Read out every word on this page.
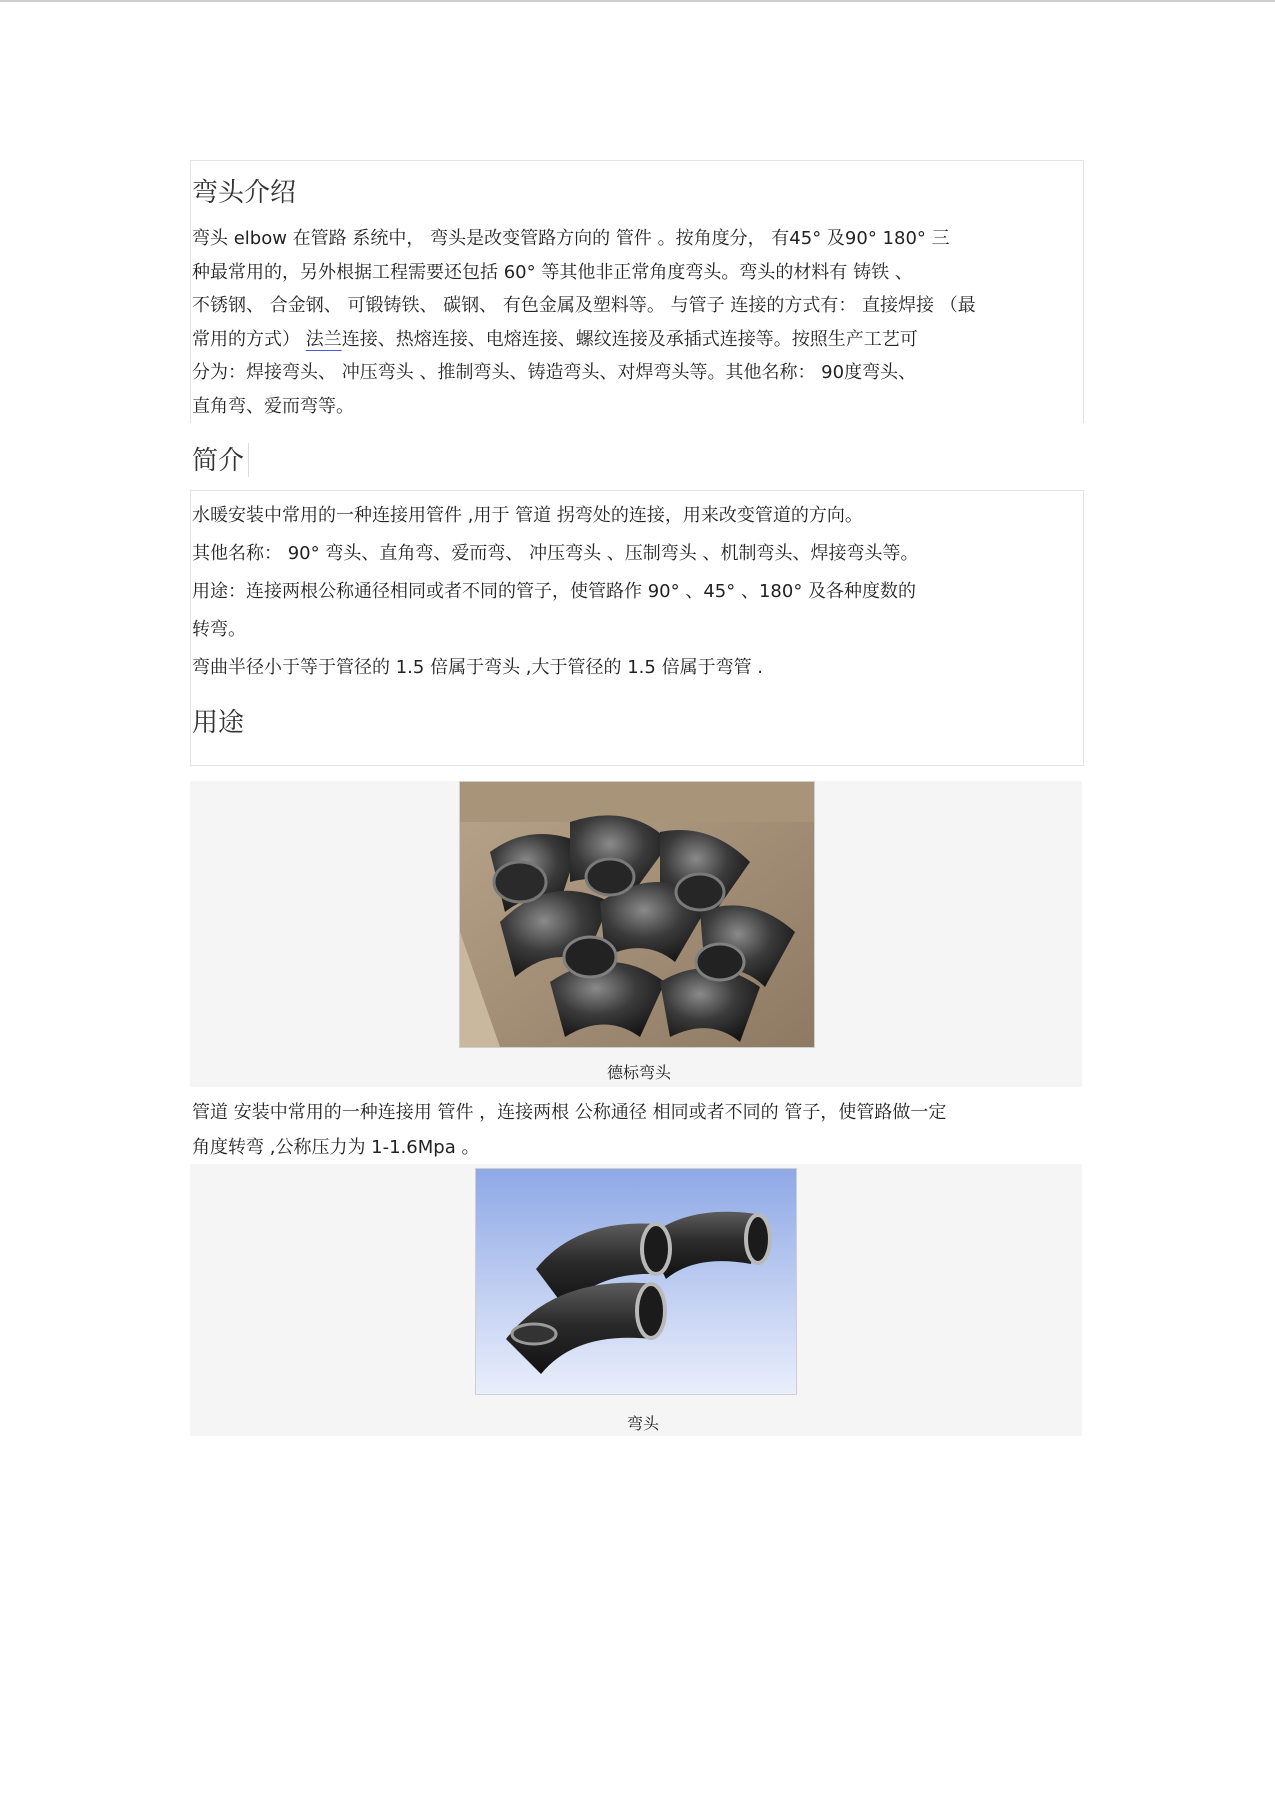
弯头介绍
弯头 elbow 在管路 系统中， 弯头是改变管路方向的 管件 。按角度分， 有45° 及90° 180° 三
种最常用的，另外根据工程需要还包括 60° 等其他非正常角度弯头。弯头的材料有 铸铁 、
不锈钢、 合金钢、 可锻铸铁、 碳钢、 有色金属及塑料等。 与管子 连接的方式有： 直接焊接 （最
常用的方式） 法兰连接、热熔连接、电熔连接、螺纹连接及承插式连接等。按照生产工艺可
分为：焊接弯头、 冲压弯头 、推制弯头、铸造弯头、对焊弯头等。其他名称： 90度弯头、
直角弯、爱而弯等。
简介
水暖安装中常用的一种连接用管件 ,用于 管道 拐弯处的连接，用来改变管道的方向。
其他名称： 90° 弯头、直角弯、爱而弯、 冲压弯头 、压制弯头 、机制弯头、焊接弯头等。
用途：连接两根公称通径相同或者不同的管子，使管路作 90° 、45° 、180° 及各种度数的
转弯。
弯曲半径小于等于管径的 1.5 倍属于弯头 ,大于管径的 1.5 倍属于弯管 .
用途
德标弯头
管道 安装中常用的一种连接用 管件 ，连接两根 公称通径 相同或者不同的 管子，使管路做一定
角度转弯 ,公称压力为 1-1.6Mpa 。
弯头
